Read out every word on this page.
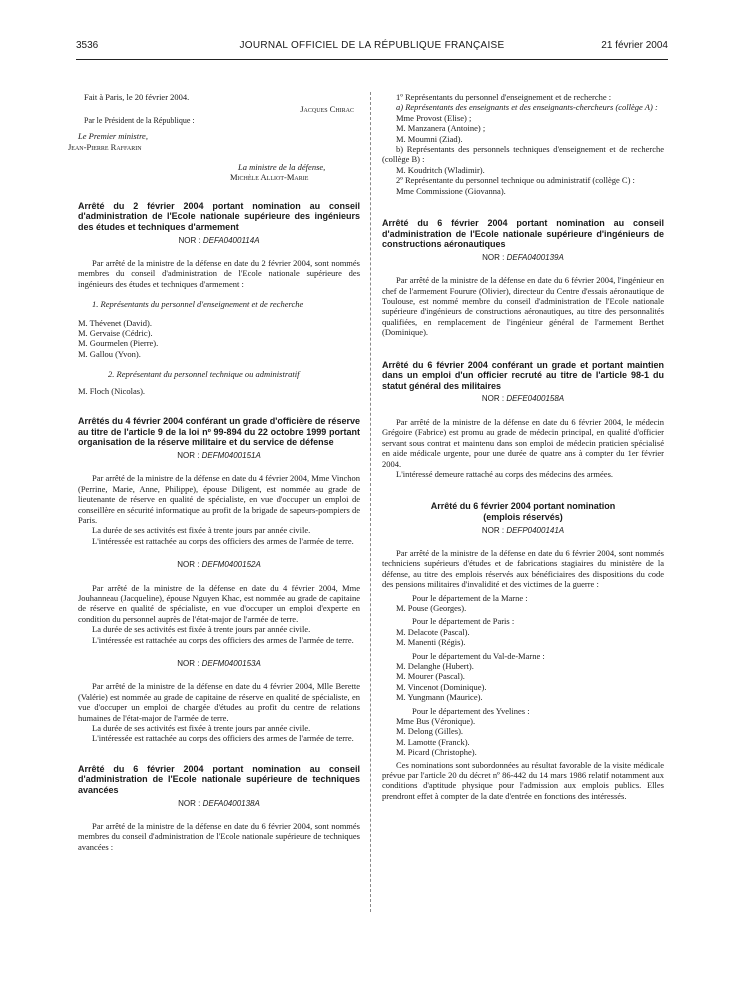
3536	JOURNAL OFFICIEL DE LA RÉPUBLIQUE FRANÇAISE	21 février 2004

Fait à Paris, le 20 février 2004.

Jacques Chirac

Par le Président de la République :

Le Premier ministre,

Jean-Pierre Raffarin

La ministre de la défense,

Michèle Alliot-Marie

Arrêté du 2 février 2004 portant nomination au conseil d'administration de l'Ecole nationale supérieure des ingénieurs des études et techniques d'armement

NOR : DEFA0400114A

Par arrêté de la ministre de la défense en date du 2 février 2004, sont nommés membres du conseil d'administration de l'Ecole nationale supérieure des ingénieurs des études et techniques d'armement :

1. Représentants du personnel d'enseignement et de recherche

M. Thévenet (David).

M. Gervaise (Cédric).

M. Gourmelen (Pierre).

M. Gallou (Yvon).

2. Représentant du personnel technique ou administratif

M. Floch (Nicolas).

Arrêtés du 4 février 2004 conférant un grade d'officière de réserve au titre de l'article 9 de la loi nº 99-894 du 22 octobre 1999 portant organisation de la réserve militaire et du service de défense

NOR : DEFM0400151A

Par arrêté de la ministre de la défense en date du 4 février 2004, Mme Vinchon (Perrine, Marie, Anne, Philippe), épouse Diligent, est nommée au grade de lieutenante de réserve en qualité de spécialiste, en vue d'occuper un emploi de conseillère en sécurité informatique au profit de la brigade de sapeurs-pompiers de Paris.

La durée de ses activités est fixée à trente jours par année civile.

L'intéressée est rattachée au corps des officiers des armes de l'armée de terre.

NOR : DEFM0400152A

Par arrêté de la ministre de la défense en date du 4 février 2004, Mme Jouhanneau (Jacqueline), épouse Nguyen Khac, est nommée au grade de capitaine de réserve en qualité de spécialiste, en vue d'occuper un emploi d'experte en condition du personnel auprès de l'état-major de l'armée de terre.

La durée de ses activités est fixée à trente jours par année civile.

L'intéressée est rattachée au corps des officiers des armes de l'armée de terre.

NOR : DEFM0400153A

Par arrêté de la ministre de la défense en date du 4 février 2004, Mlle Berette (Valérie) est nommée au grade de capitaine de réserve en qualité de spécialiste, en vue d'occuper un emploi de chargée d'études au profit du centre de relations humaines de l'état-major de l'armée de terre.

La durée de ses activités est fixée à trente jours par année civile.

L'intéressée est rattachée au corps des officiers des armes de l'armée de terre.

Arrêté du 6 février 2004 portant nomination au conseil d'administration de l'Ecole nationale supérieure de techniques avancées

NOR : DEFA0400138A

Par arrêté de la ministre de la défense en date du 6 février 2004, sont nommés membres du conseil d'administration de l'Ecole nationale supérieure de techniques avancées :

1º Représentants du personnel d'enseignement et de recherche :

a) Représentants des enseignants et des enseignants-chercheurs (collège A) :

Mme Provost (Elise) ;

M. Manzanera (Antoine) ;

M. Moumni (Ziad).

b) Représentants des personnels techniques d'enseignement et de recherche (collège B) :

M. Koudritch (Wladimir).

2º Représentante du personnel technique ou administratif (collège C) :

Mme Commissione (Giovanna).

Arrêté du 6 février 2004 portant nomination au conseil d'administration de l'Ecole nationale supérieure d'ingénieurs de constructions aéronautiques

NOR : DEFA0400139A

Par arrêté de la ministre de la défense en date du 6 février 2004, l'ingénieur en chef de l'armement Fourure (Olivier), directeur du Centre d'essais aéronautique de Toulouse, est nommé membre du conseil d'administration de l'Ecole nationale supérieure d'ingénieurs de constructions aéronautiques, au titre des personnalités qualifiées, en remplacement de l'ingénieur général de l'armement Berthet (Dominique).

Arrêté du 6 février 2004 conférant un grade et portant maintien dans un emploi d'un officier recruté au titre de l'article 98-1 du statut général des militaires

NOR : DEFE0400158A

Par arrêté de la ministre de la défense en date du 6 février 2004, le médecin Grégoire (Fabrice) est promu au grade de médecin principal, en qualité d'officier servant sous contrat et maintenu dans son emploi de médecin praticien spécialisé en aide médicale urgente, pour une durée de quatre ans à compter du 1er février 2004.

L'intéressé demeure rattaché au corps des médecins des armées.

Arrêté du 6 février 2004 portant nomination (emplois réservés)

NOR : DEFP0400141A

Par arrêté de la ministre de la défense en date du 6 février 2004, sont nommés techniciens supérieurs d'études et de fabrications stagiaires du ministère de la défense, au titre des emplois réservés aux bénéficiaires des dispositions du code des pensions militaires d'invalidité et des victimes de la guerre :

Pour le département de la Marne :

M. Pouse (Georges).

Pour le département de Paris :

M. Delacote (Pascal).

M. Manenti (Régis).

Pour le département du Val-de-Marne :

M. Delanghe (Hubert).

M. Mourer (Pascal).

M. Vincenot (Dominique).

M. Yungmann (Maurice).

Pour le département des Yvelines :

Mme Bus (Véronique).

M. Delong (Gilles).

M. Lamotte (Franck).

M. Picard (Christophe).

Ces nominations sont subordonnées au résultat favorable de la visite médicale prévue par l'article 20 du décret nº 86-442 du 14 mars 1986 relatif notamment aux conditions d'aptitude physique pour l'admission aux emplois publics. Elles prendront effet à compter de la date d'entrée en fonctions des intéressés.
